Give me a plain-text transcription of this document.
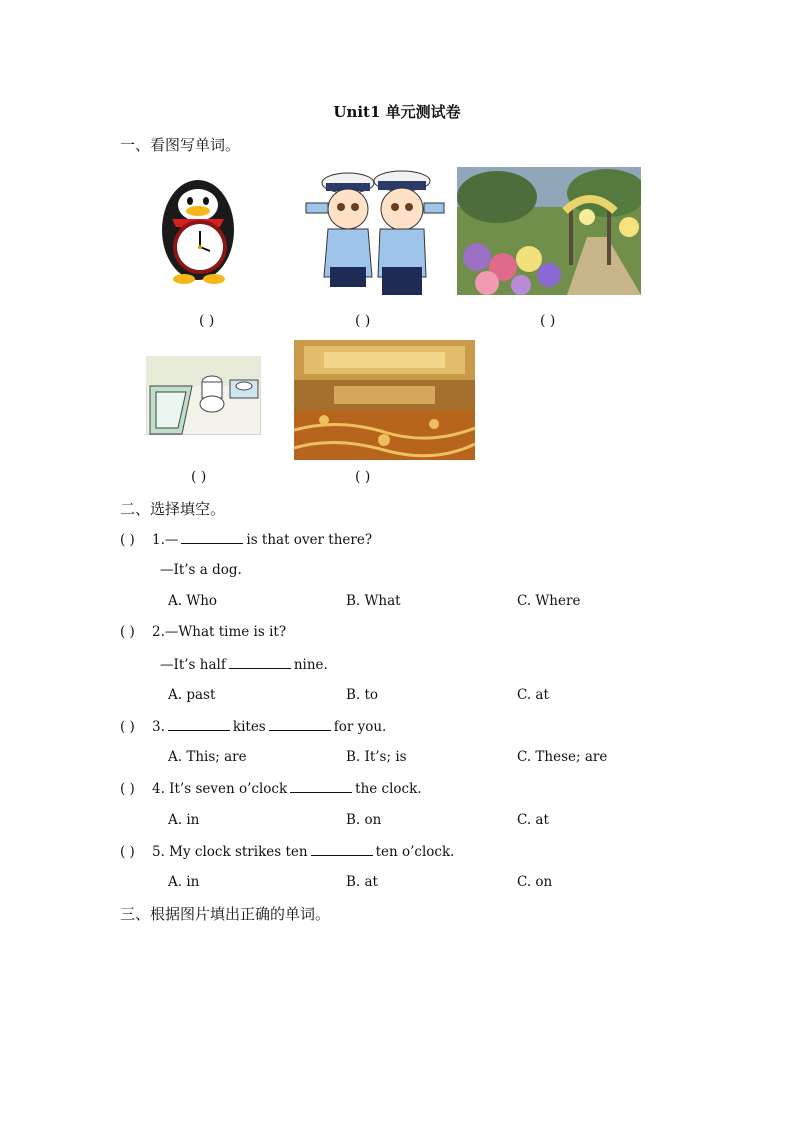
Unit1 单元测试卷
一、看图写单词。
( )	( )	( )
( )	( )
二、选择填空。
( ) 1.—	is that over there?
—It’s a dog.
A. Who	B. What	C. Where
( ) 2.—What time is it?
—It’s half	nine.
A. past	B. to	C. at
( ) 3.	kites	for you.
A. This; are	B. It’s; is	C. These; are
( ) 4. It’s seven o’clock	the clock.
A. in	B. on	C. at
( ) 5. My clock strikes ten	ten o’clock.
A. in	B. at	C. on
三、根据图片填出正确的单词。
